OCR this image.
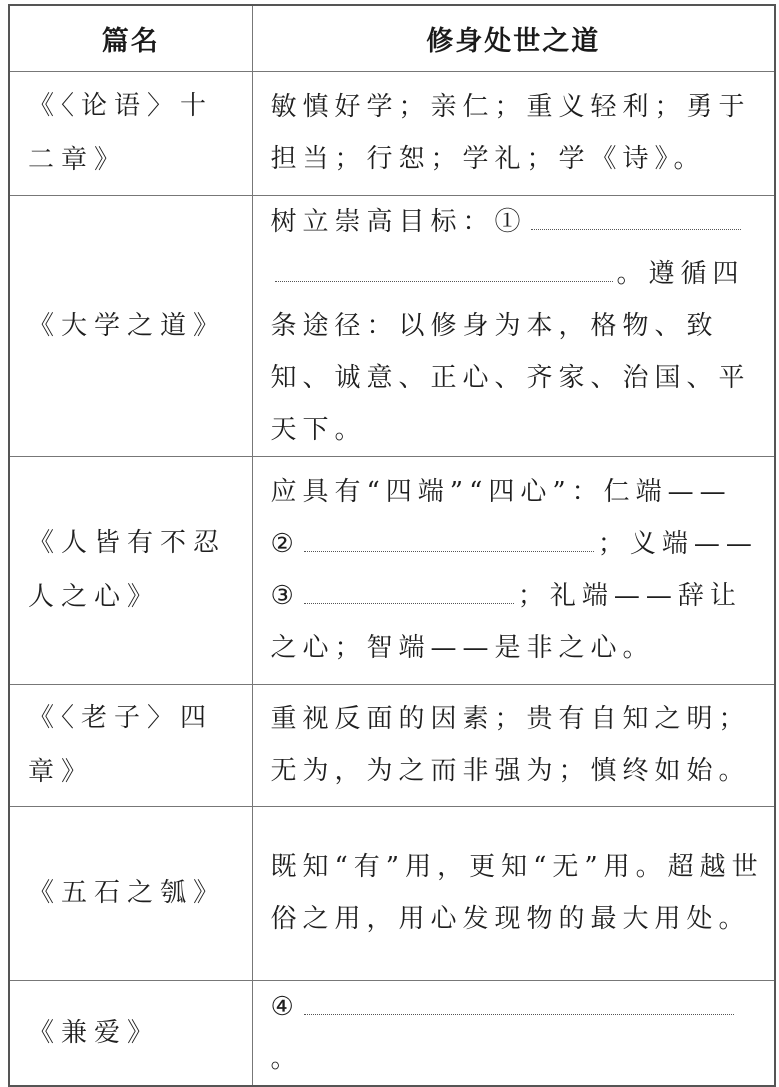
篇名	修身处世之道
《〈论语〉十二章》	敏慎好学；亲仁；重义轻利；勇于担当；行恕；学礼；学《诗》。
《大学之道》	树立崇高目标：①
。遵循四条途径：以修身为本，格物、致知、诚意、正心、齐家、治国、平天下。
《人皆有不忍人之心》	应具有“四端”“四心”：仁端——
② ；义端——
③ ；礼端——辞让之心；智端——是非之心。
《〈老子〉四章》	重视反面的因素；贵有自知之明；无为，为之而非强为；慎终如始。
《五石之瓠》	既知“有”用，更知“无”用。超越世俗之用，用心发现物的最大用处。
《兼爱》	④。
